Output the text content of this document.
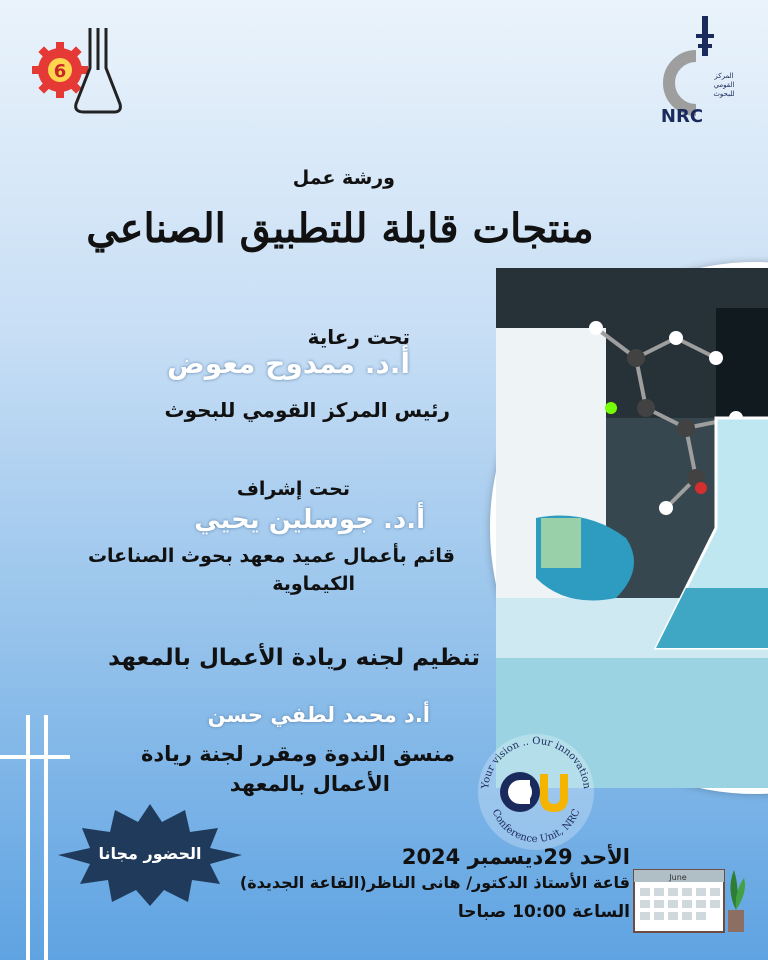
6	المركز
القومي
للبحوث
NRC
ورشة عمل
منتجات قابلة للتطبيق الصناعي
تحت رعاية
أ.د. ممدوح معوض
رئيس المركز القومي للبحوث
تحت إشراف
أ.د. جوسلين يحيي
قائم بأعمال عميد معهد بحوث الصناعات
الكيماوية
تنظيم لجنه ريادة الأعمال بالمعهد
أ.د محمد لطفي حسن
منسق الندوة ومقرر لجنة ريادة
الأعمال بالمعهد	Your vision .. Our innovation
Conference Unit, NRC
الحضور مجانا	الأحد 29ديسمبر 2024
قاعة الأستاذ الدكتور/ هانى الناظر(القاعة الجديدة)
الساعة 10:00 صباحا
June
